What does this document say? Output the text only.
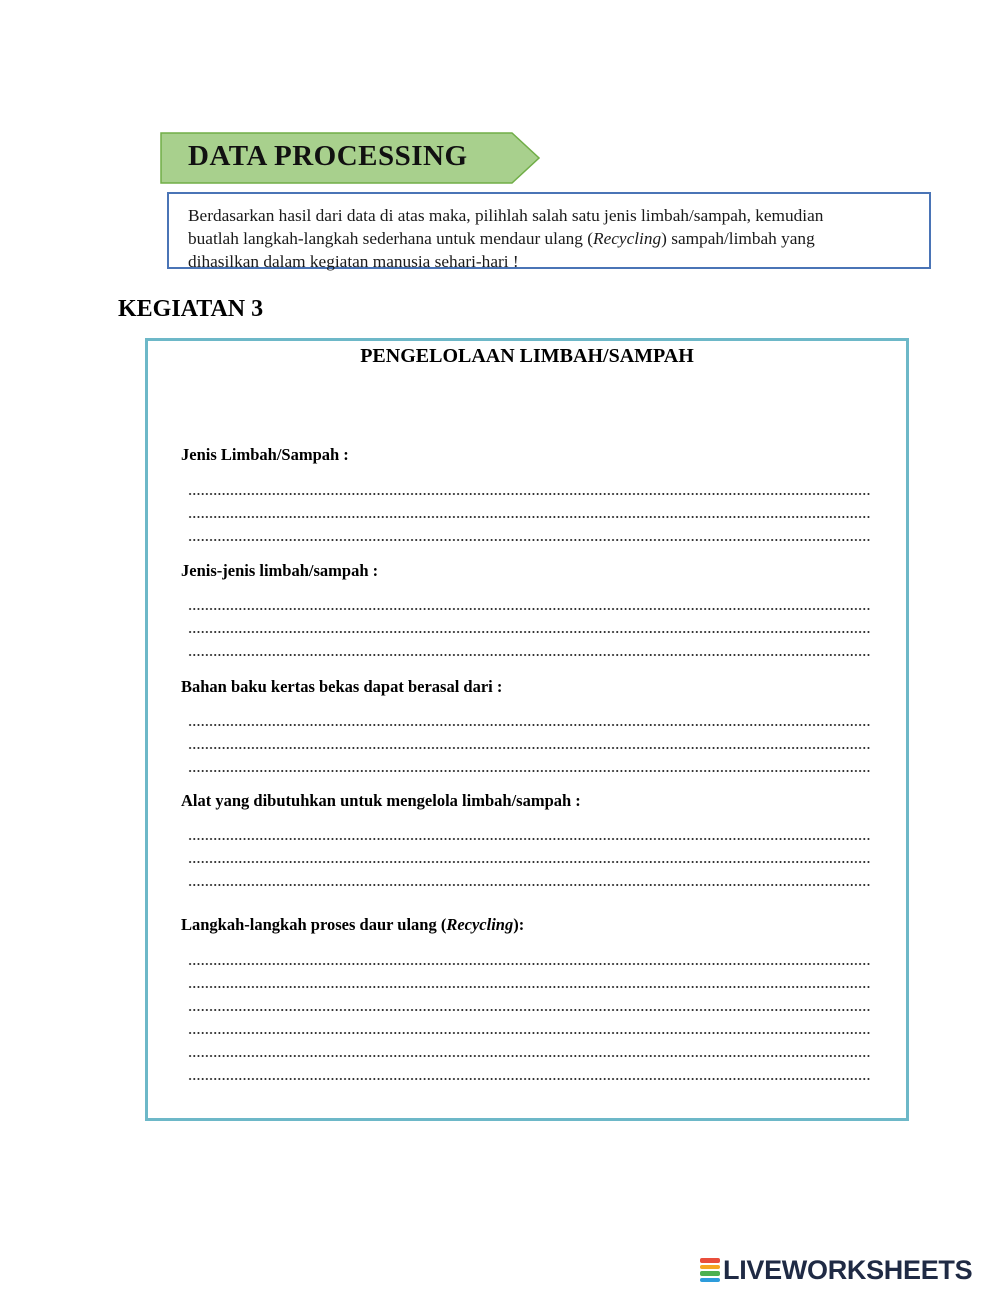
DATA PROCESSING

Berdasarkan hasil dari data di atas maka, pilihlah salah satu jenis limbah/sampah, kemudian

buatlah langkah-langkah sederhana untuk mendaur ulang (Recycling) sampah/limbah yang

dihasilkan dalam kegiatan manusia sehari-hari !

KEGIATAN 3
PENGELOLAAN LIMBAH/SAMPAH
Jenis Limbah/Sampah :
Jenis-jenis limbah/sampah :
Bahan baku kertas bekas dapat berasal dari :
Alat yang dibutuhkan untuk mengelola limbah/sampah :
Langkah-langkah proses daur ulang (Recycling):
LIVEWORKSHEETS
